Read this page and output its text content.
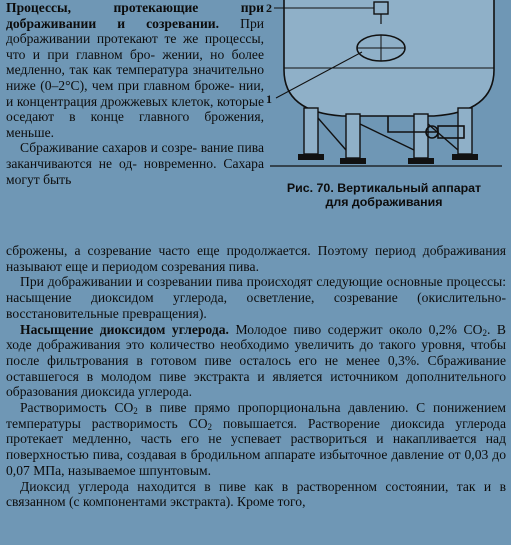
Процессы, протекающие при дображивании и созревании. При дображивании протекают те же процессы, что и при главном бро- жении, но более медленно, так как температура значительно ниже (0–2°С), чем при главном броже- нии, и концентрация дрожжевых клеток, которые оседают в конце главного брожения, меньше.

Сбраживание сахаров и созре- вание пива заканчиваются не од- новременно. Сахара могут быть

2
1
Рис. 70. Вертикальный аппарат
для дображивания

сброжены, а созревание часто еще продолжается. Поэтому период дображивания называют еще и периодом созревания пива.

При дображивании и созревании пива происходят следующие основные процессы: насыщение диоксидом углерода, осветление, созревание (окислительно-восстановительные превращения).

Насыщение диоксидом углерода. Молодое пиво содержит около 0,2% $CO_2$. В ходе дображивания это количество необходимо увеличить до такого уровня, чтобы после фильтрования в готовом пиве осталось его не менее 0,3%. Сбраживание оставшегося в молодом пиве экстракта и является источником дополнительного образования диоксида углерода.

Растворимость $СО_2$ в пиве прямо пропорциональна давлению. С понижением температуры растворимость $СО_2$ повышается. Растворение диоксида углерода протекает медленно, часть его не успевает раствориться и накапливается над поверхностью пива, создавая в бродильном аппарате избыточное давление от 0,03 до 0,07 МПа, называемое шпунтовым.

Диоксид углерода находится в пиве как в растворенном состоянии, так и в связанном (с компонентами экстракта). Кроме того,
